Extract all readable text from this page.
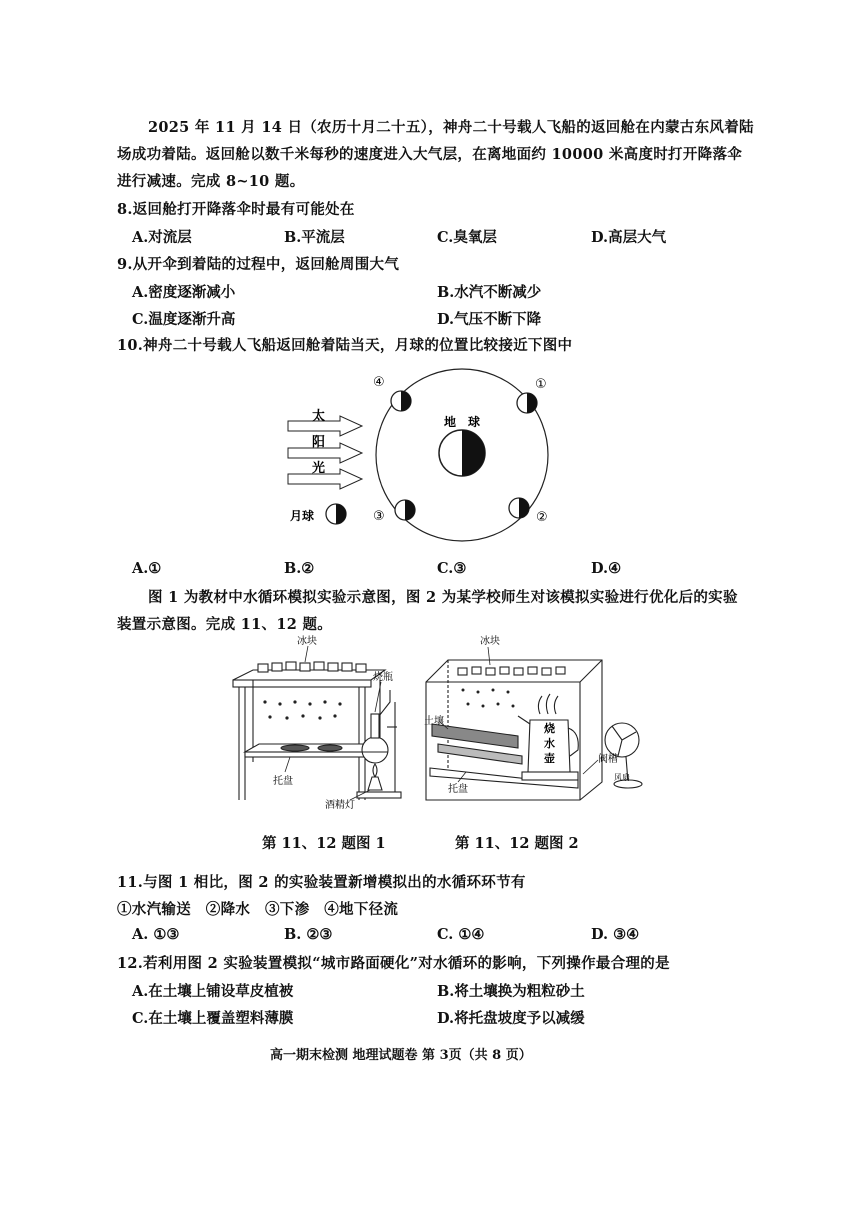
2025 年 11 月 14 日（农历十月二十五），神舟二十号载人飞船的返回舱在内蒙古东风着陆
场成功着陆。返回舱以数千米每秒的速度进入大气层，在离地面约 10000 米高度时打开降落伞
进行减速。完成 8~10 题。
8.返回舱打开降落伞时最有可能处在
A.对流层	B.平流层	C.臭氧层	D.高层大气
9.从开伞到着陆的过程中，返回舱周围大气
A.密度逐渐减小	B.水汽不断减少
C.温度逐渐升高	D.气压不断下降
10.神舟二十号载人飞船返回舱着陆当天，月球的位置比较接近下图中
太
阳
光
地　球
④	①
③	②
月球
A.①	B.②	C.③	D.④
图 1 为教材中水循环模拟实验示意图，图 2 为某学校师生对该模拟实验进行优化后的实验
装置示意图。完成 11、12 题。
冰块
烧瓶
托盘
酒精灯
冰块
土壤
烧
水
壶	阀槽
托盘
风扇
第 11、12 题图 1	第 11、12 题图 2
11.与图 1 相比，图 2 的实验装置新增模拟出的水循环环节有
①水汽输送　②降水　③下渗　④地下径流
A. ①③	B. ②③	C. ①④	D. ③④
12.若利用图 2 实验装置模拟“城市路面硬化”对水循环的影响，下列操作最合理的是
A.在土壤上铺设草皮植被	B.将土壤换为粗粒砂土
C.在土壤上覆盖塑料薄膜	D.将托盘坡度予以减缓
高一期末检测 地理试题卷 第 3页（共 8 页）
